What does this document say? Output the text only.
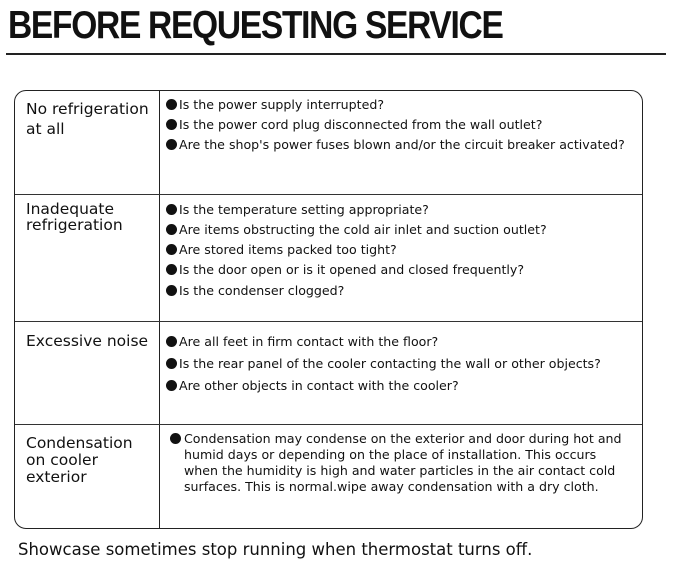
BEFORE REQUESTING SERVICE
No refrigeration
at all
Is the power supply interrupted?
Is the power cord plug disconnected from the wall outlet?
Are the shop's power fuses blown and/or the circuit breaker activated?
Inadequate
refrigeration
Is the temperature setting appropriate?
Are items obstructing the cold air inlet and suction outlet?
Are stored items packed too tight?
Is the door open or is it opened and closed frequently?
Is the condenser clogged?
Excessive noise	Are all feet in firm contact with the floor?
Is the rear panel of the cooler contacting the wall or other objects?
Are other objects in contact with the cooler?
Condensation
on cooler
exterior
Condensation may condense on the exterior and door during hot and humid days or depending on the place of installation. This occurs when the humidity is high and water particles in the air contact cold surfaces. This is normal.wipe away condensation with a dry cloth.
Showcase sometimes stop running when thermostat turns off.
